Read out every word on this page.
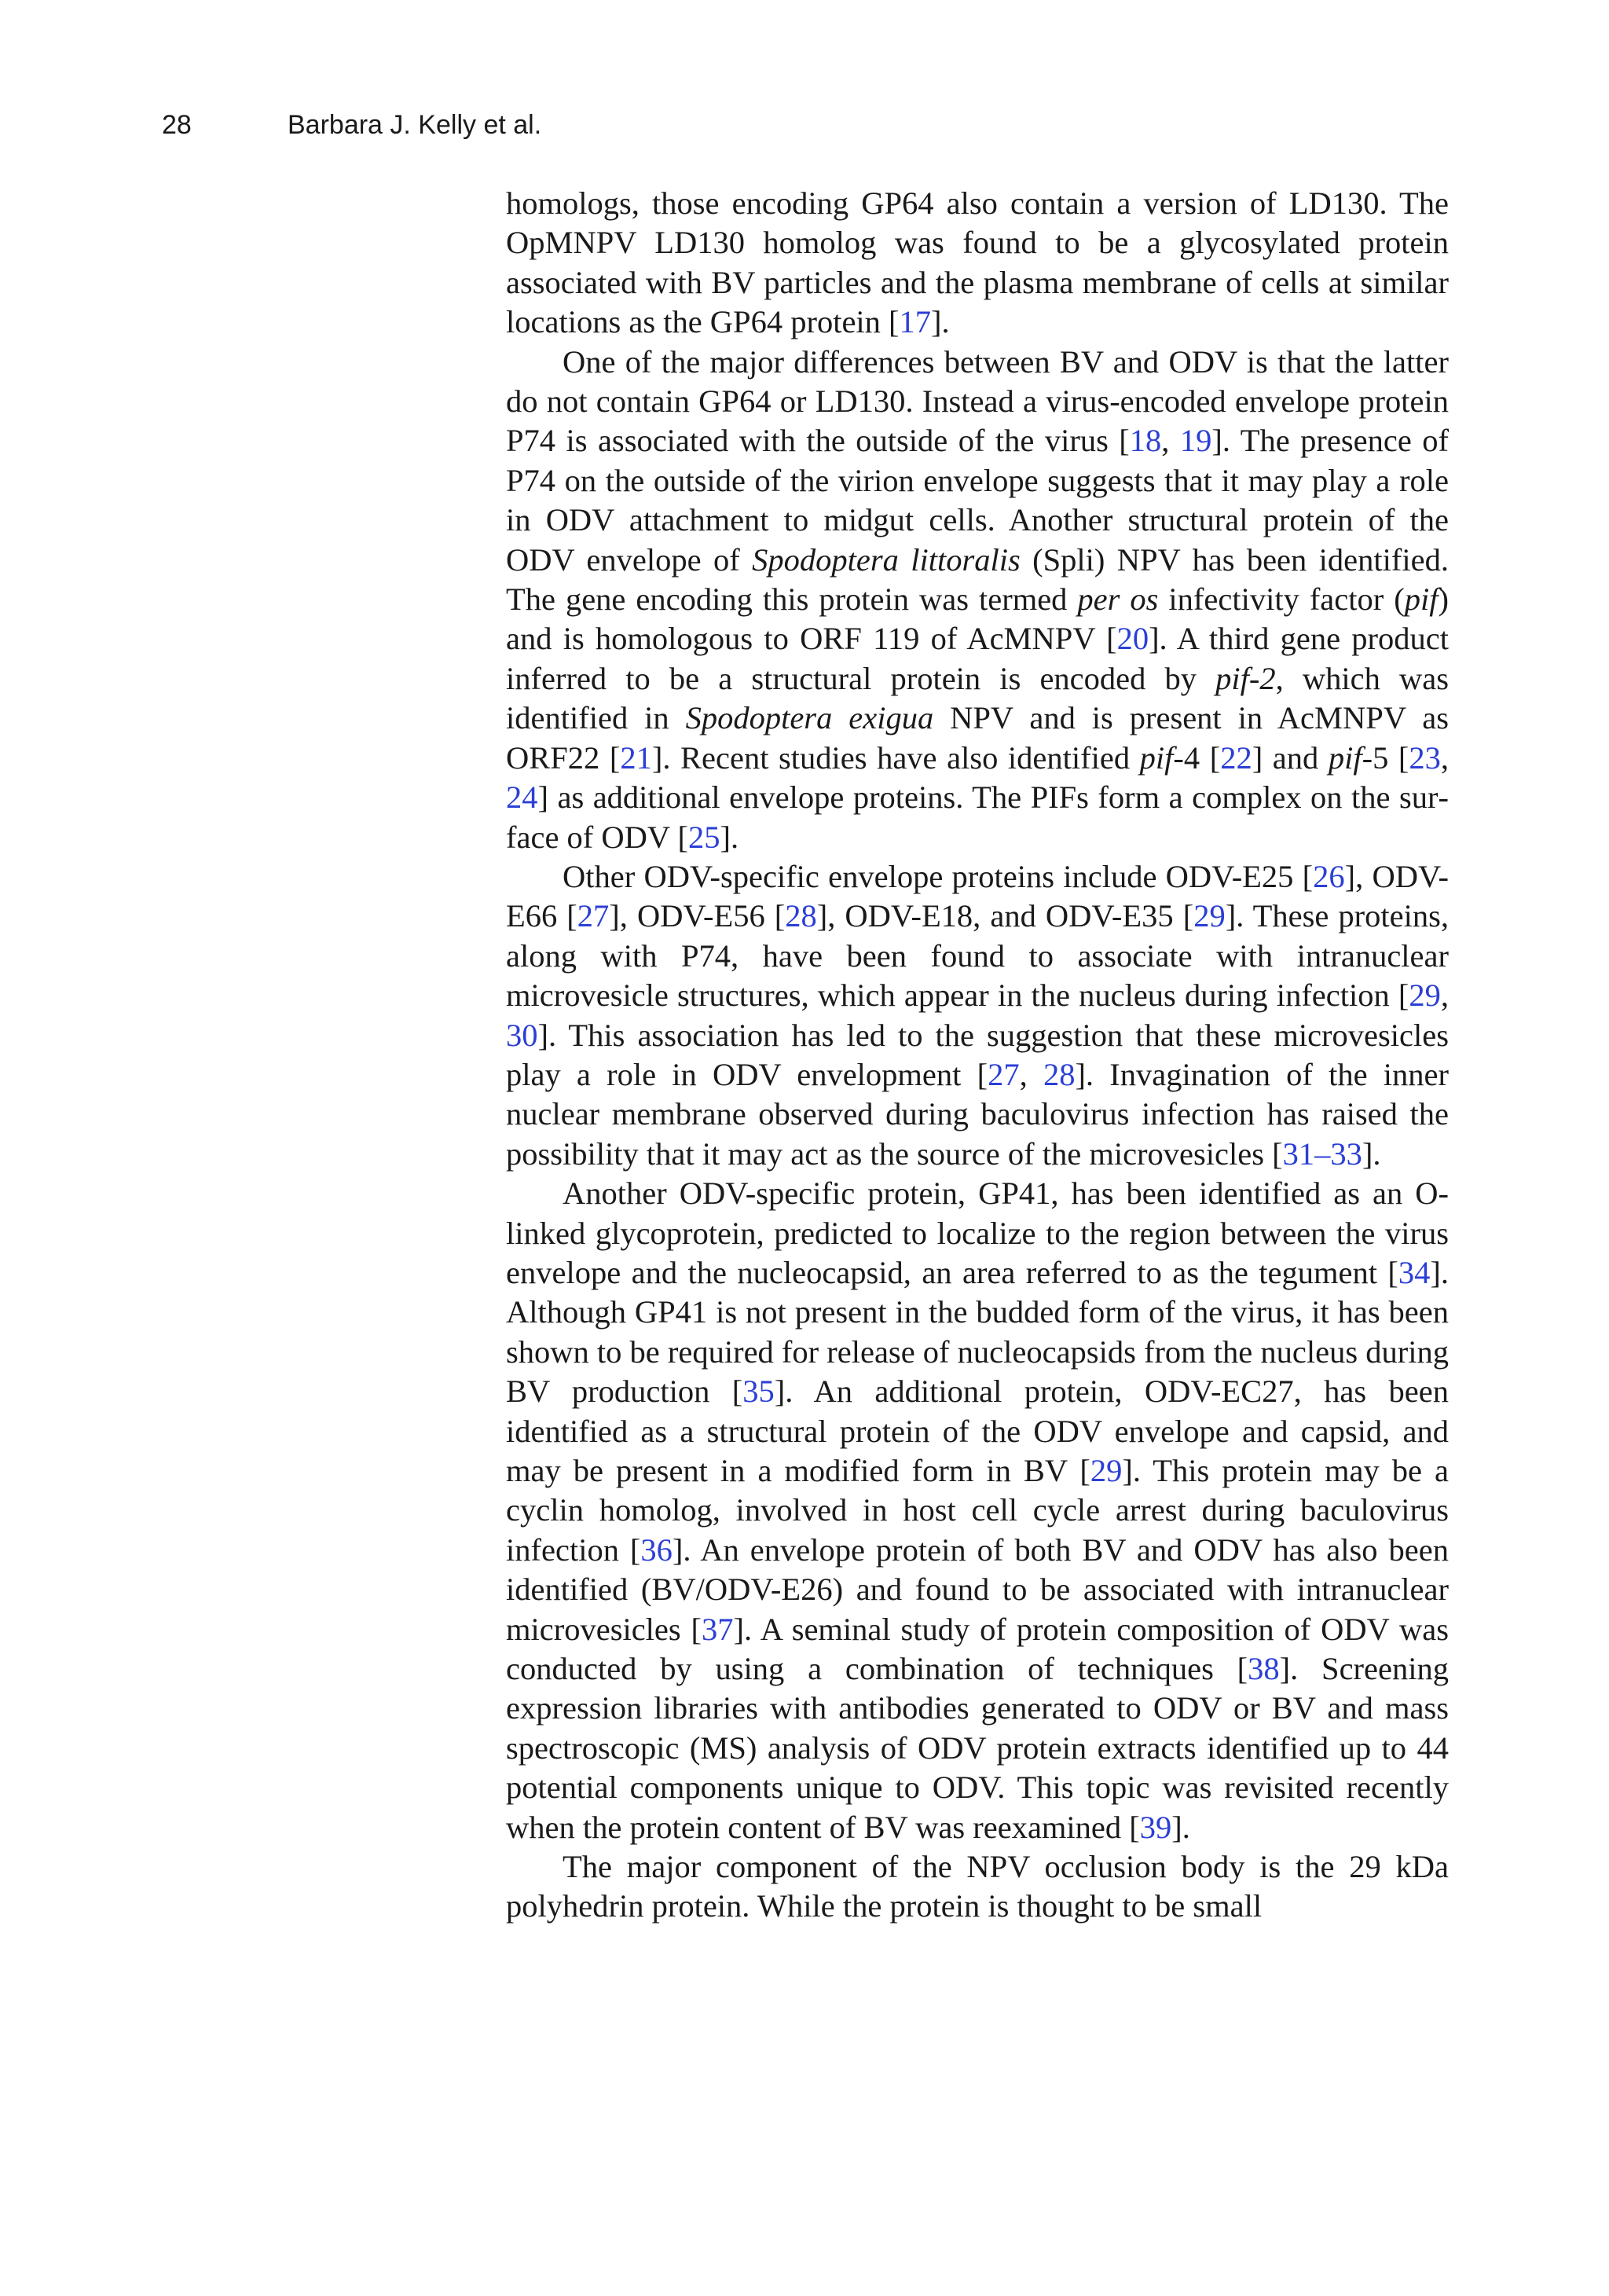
28	Barbara J. Kelly et al.

homologs, those encoding GP64 also contain a version of LD130. The OpMNPV LD130 homolog was found to be a glycosylated protein associated with BV particles and the plasma membrane of cells at similar locations as the GP64 protein [17].

One of the major differences between BV and ODV is that the latter do not contain GP64 or LD130. Instead a virus-encoded envelope protein P74 is associated with the outside of the virus [18, 19]. The presence of P74 on the outside of the virion envelope suggests that it may play a role in ODV attachment to midgut cells. Another structural protein of the ODV envelope of Spodoptera littoralis (Spli) NPV has been identified. The gene encoding this protein was termed per os infectivity factor (pif) and is homologous to ORF 119 of AcMNPV [20]. A third gene product inferred to be a structural protein is encoded by pif-2, which was identified in Spodoptera exigua NPV and is present in AcMNPV as ORF22 [21]. Recent studies have also identified pif-4 [22] and pif-5 [23, 24] as additional envelope proteins. The PIFs form a complex on the surface of ODV [25].

Other ODV-specific envelope proteins include ODV-E25 [26], ODV-E66 [27], ODV-E56 [28], ODV-E18, and ODV-E35 [29]. These proteins, along with P74, have been found to associate with intranuclear microvesicle structures, which appear in the nucleus during infection [29, 30]. This association has led to the suggestion that these microvesicles play a role in ODV envelopment [27, 28]. Invagination of the inner nuclear membrane observed during baculovirus infection has raised the possibility that it may act as the source of the microvesicles [31–33].

Another ODV-specific protein, GP41, has been identified as an O-linked glycoprotein, predicted to localize to the region between the virus envelope and the nucleocapsid, an area referred to as the tegument [34]. Although GP41 is not present in the budded form of the virus, it has been shown to be required for release of nucleocapsids from the nucleus during BV production [35]. An additional protein, ODV-EC27, has been identified as a structural protein of the ODV envelope and capsid, and may be present in a modified form in BV [29]. This protein may be a cyclin homolog, involved in host cell cycle arrest during baculovirus infection [36]. An envelope protein of both BV and ODV has also been identified (BV/ODV-E26) and found to be associated with intranuclear microvesicles [37]. A seminal study of protein composition of ODV was conducted by using a combination of techniques [38]. Screening expression libraries with antibodies generated to ODV or BV and mass spectroscopic (MS) analysis of ODV protein extracts identified up to 44 potential components unique to ODV. This topic was revisited recently when the protein content of BV was reexamined [39].

The major component of the NPV occlusion body is the 29 kDa polyhedrin protein. While the protein is thought to be small
